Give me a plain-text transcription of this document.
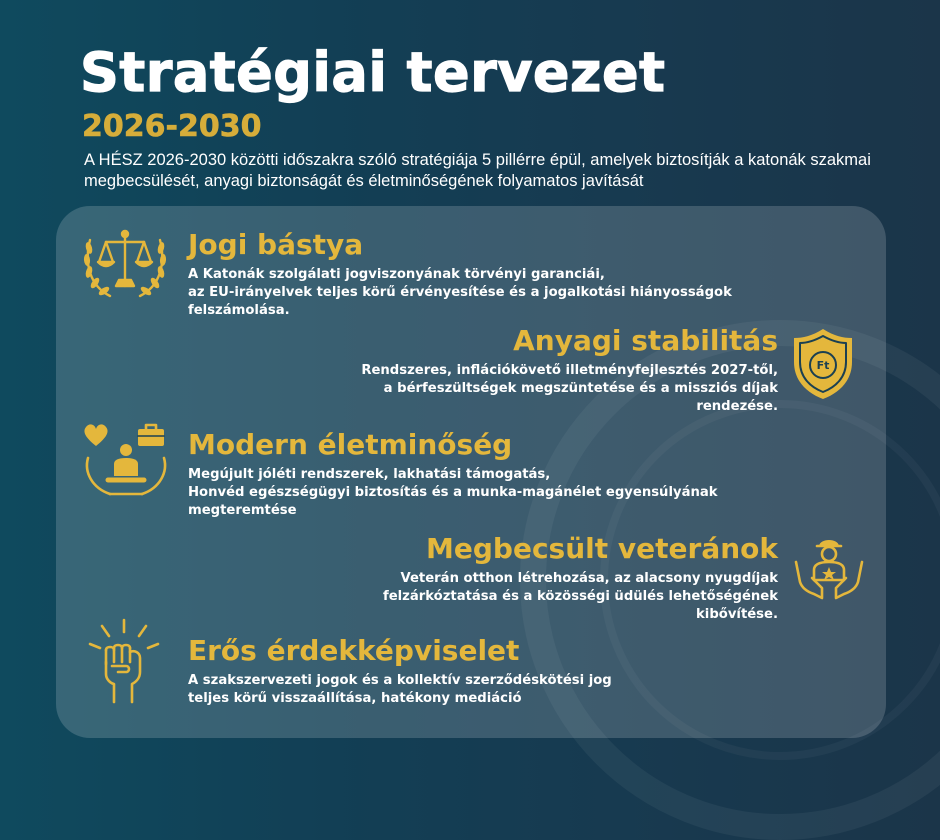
Stratégiai tervezet
2026-2030
A HÉSZ 2026-2030 közötti időszakra szóló stratégiája 5 pillérre épül, amelyek biztosítják a katonák szakmai megbecsülését, anyagi biztonságát és életminőségének folyamatos javítását
Jogi bástya

A Katonák szolgálati jogviszonyának törvényi garanciái,
az EU-irányelvek teljes körű érvényesítése és a jogalkotási hiányosságok
felszámolása.

Anyagi stabilitás

Rendszeres, inflációkövető illetményfejlesztés 2027-től,
a bérfeszültségek megszüntetése és a missziós díjak
rendezése.

Ft
Modern életminőség

Megújult jóléti rendszerek, lakhatási támogatás,
Honvéd egészségügyi biztosítás és a munka-magánélet egyensúlyának
megteremtése

Megbecsült veteránok

Veterán otthon létrehozása, az alacsony nyugdíjak
felzárkóztatása és a közösségi üdülés lehetőségének
kibővítése.

Erős érdekképviselet

A szakszervezeti jogok és a kollektív szerződéskötési jog
teljes körű visszaállítása, hatékony mediáció
